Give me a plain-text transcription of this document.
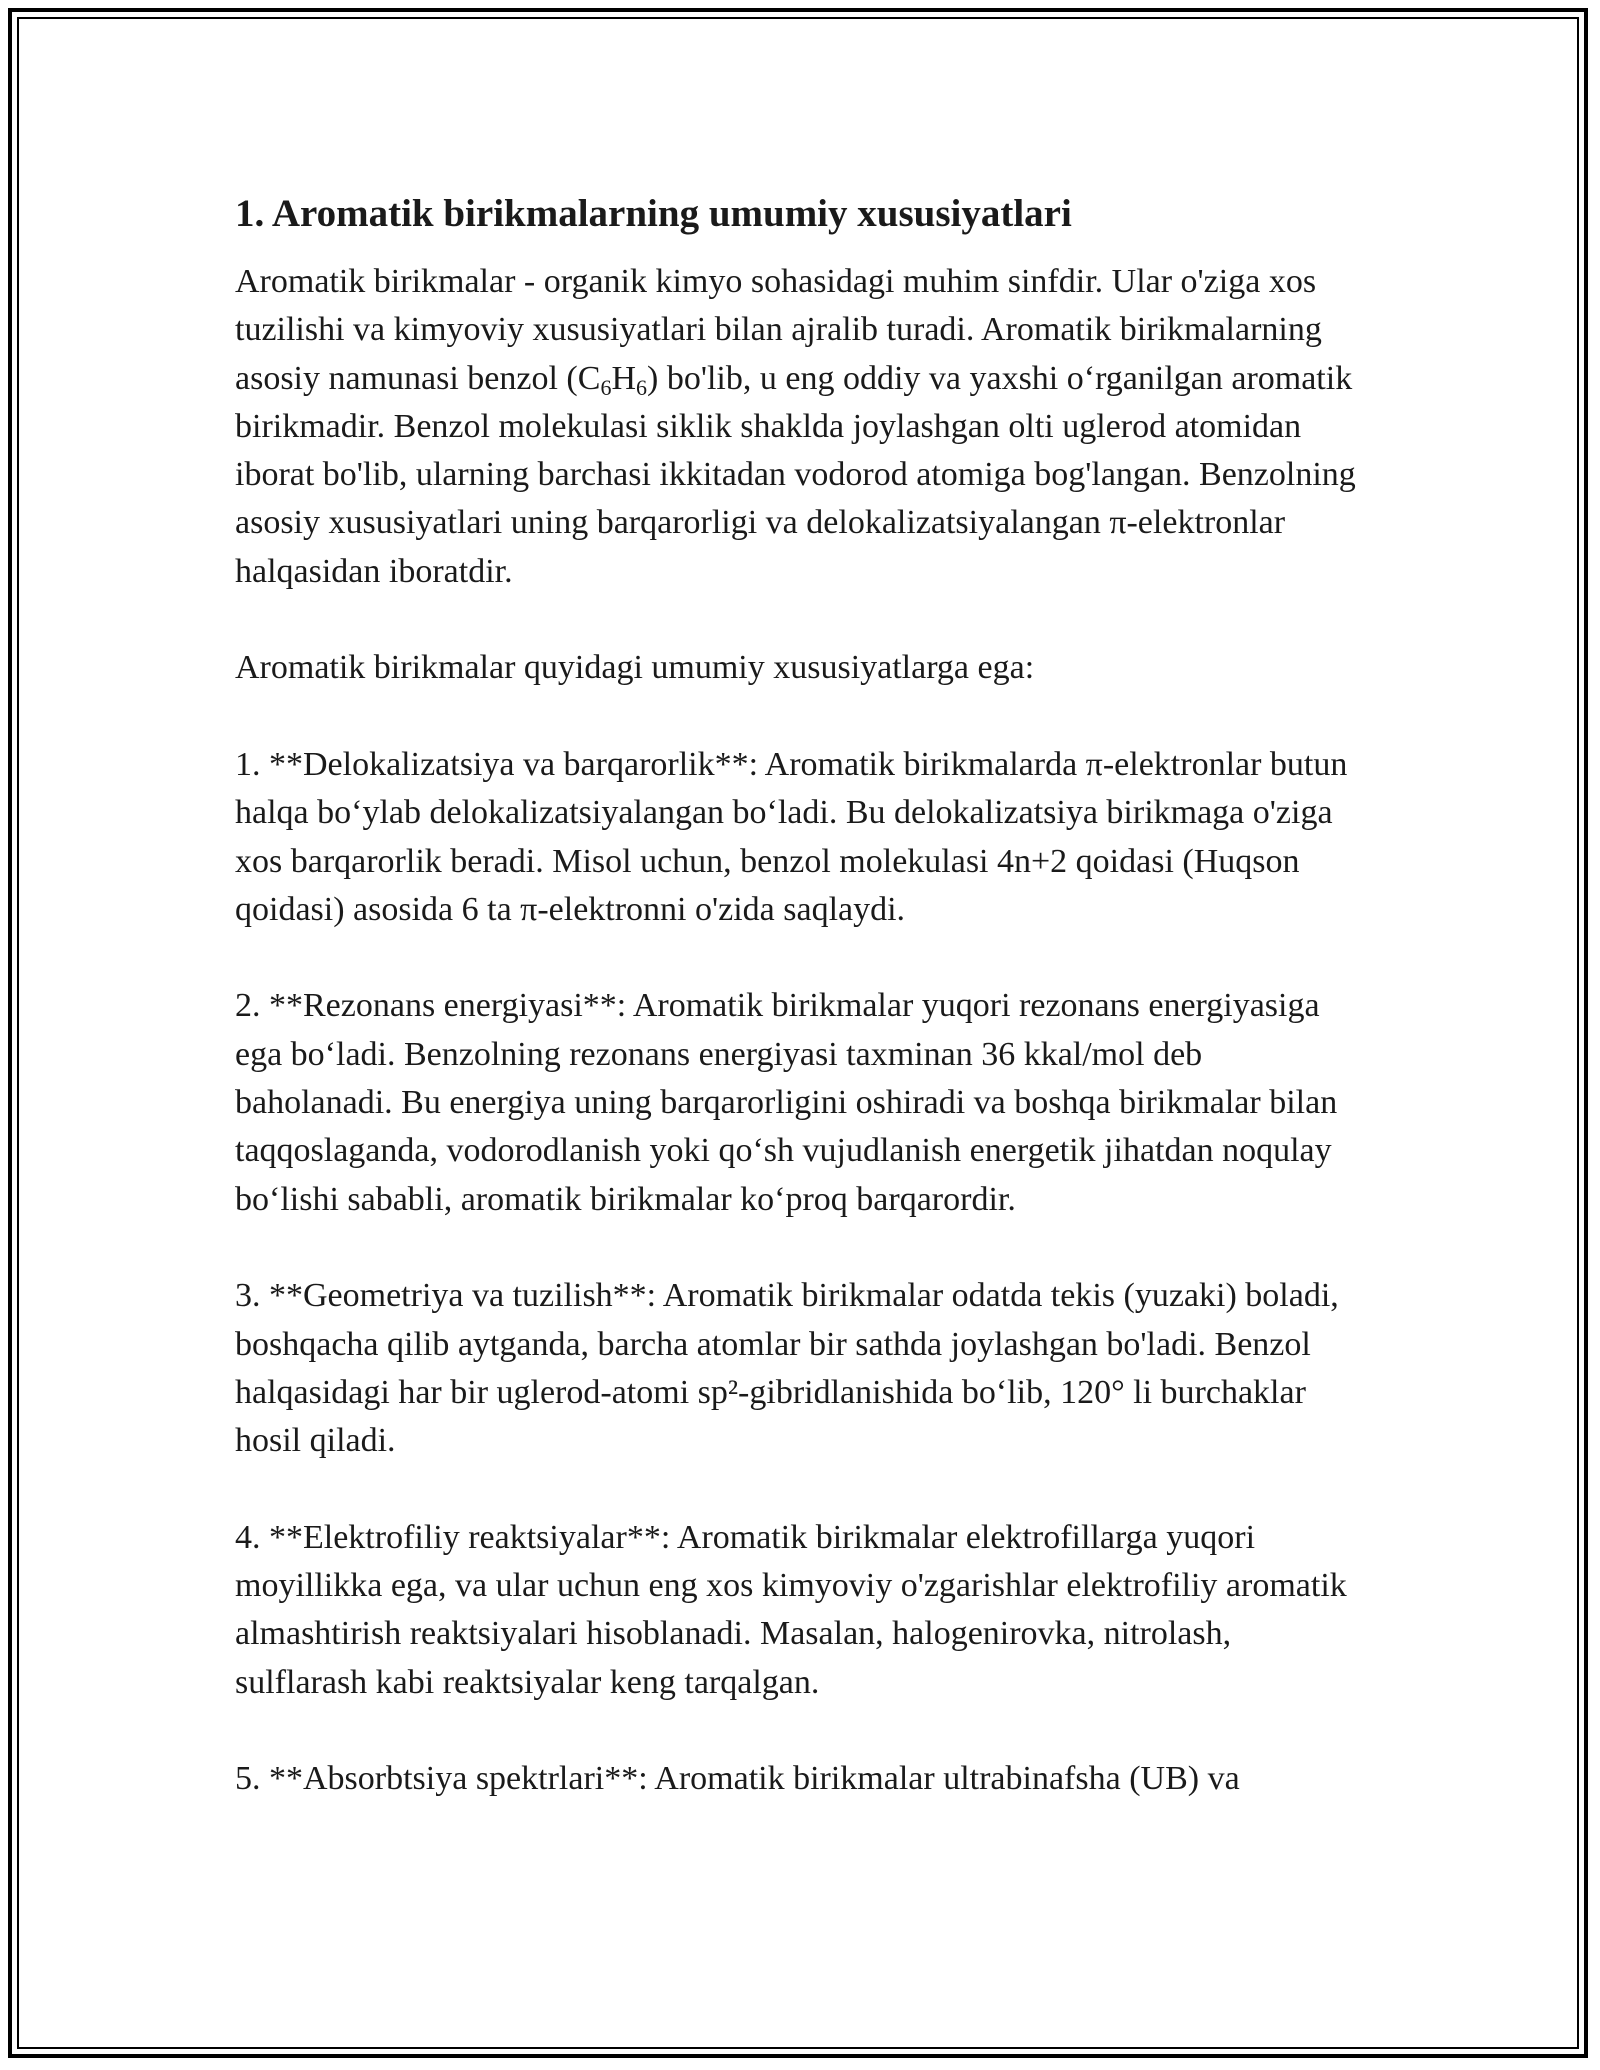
1. Aromatik birikmalarning umumiy xususiyatlari

Aromatik birikmalar - organik kimyo sohasidagi muhim sinfdir. Ular o'ziga xos tuzilishi va kimyoviy xususiyatlari bilan ajralib turadi. Aromatik birikmalarning asosiy namunasi benzol $(C_6H_6)$ bo'lib, u eng oddiy va yaxshi o‘rganilgan aromatik birikmadir. Benzol molekulasi siklik shaklda joylashgan olti uglerod atomidan iborat bo'lib, ularning barchasi ikkitadan vodorod atomiga bog'langan. Benzolning asosiy xususiyatlari uning barqarorligi va delokalizatsiyalangan π-elektronlar halqasidan iboratdir.

Aromatik birikmalar quyidagi umumiy xususiyatlarga ega:

1. **Delokalizatsiya va barqarorlik**: Aromatik birikmalarda π-elektronlar butun halqa bo‘ylab delokalizatsiyalangan bo‘ladi. Bu delokalizatsiya birikmaga o'ziga xos barqarorlik beradi. Misol uchun, benzol molekulasi 4n+2 qoidasi (Huqson qoidasi) asosida 6 ta π-elektronni o'zida saqlaydi.

2. **Rezonans energiyasi**: Aromatik birikmalar yuqori rezonans energiyasiga ega bo‘ladi. Benzolning rezonans energiyasi taxminan 36 kkal/mol deb baholanadi. Bu energiya uning barqarorligini oshiradi va boshqa birikmalar bilan taqqoslaganda, vodorodlanish yoki qo‘sh vujudlanish energetik jihatdan noqulay bo‘lishi sababli, aromatik birikmalar ko‘proq barqarordir.

3. **Geometriya va tuzilish**: Aromatik birikmalar odatda tekis (yuzaki) boladi, boshqacha qilib aytganda, barcha atomlar bir sathda joylashgan bo'ladi. Benzol halqasidagi har bir uglerod-atomi sp²-gibridlanishida bo‘lib, 120° li burchaklar hosil qiladi.

4. **Elektrofiliy reaktsiyalar**: Aromatik birikmalar elektrofillarga yuqori moyillikka ega, va ular uchun eng xos kimyoviy o'zgarishlar elektrofiliy aromatik almashtirish reaktsiyalari hisoblanadi. Masalan, halogenirovka, nitrolash, sulflarash kabi reaktsiyalar keng tarqalgan.

5. **Absorbtsiya spektrlari**: Aromatik birikmalar ultrabinafsha (UB) va
